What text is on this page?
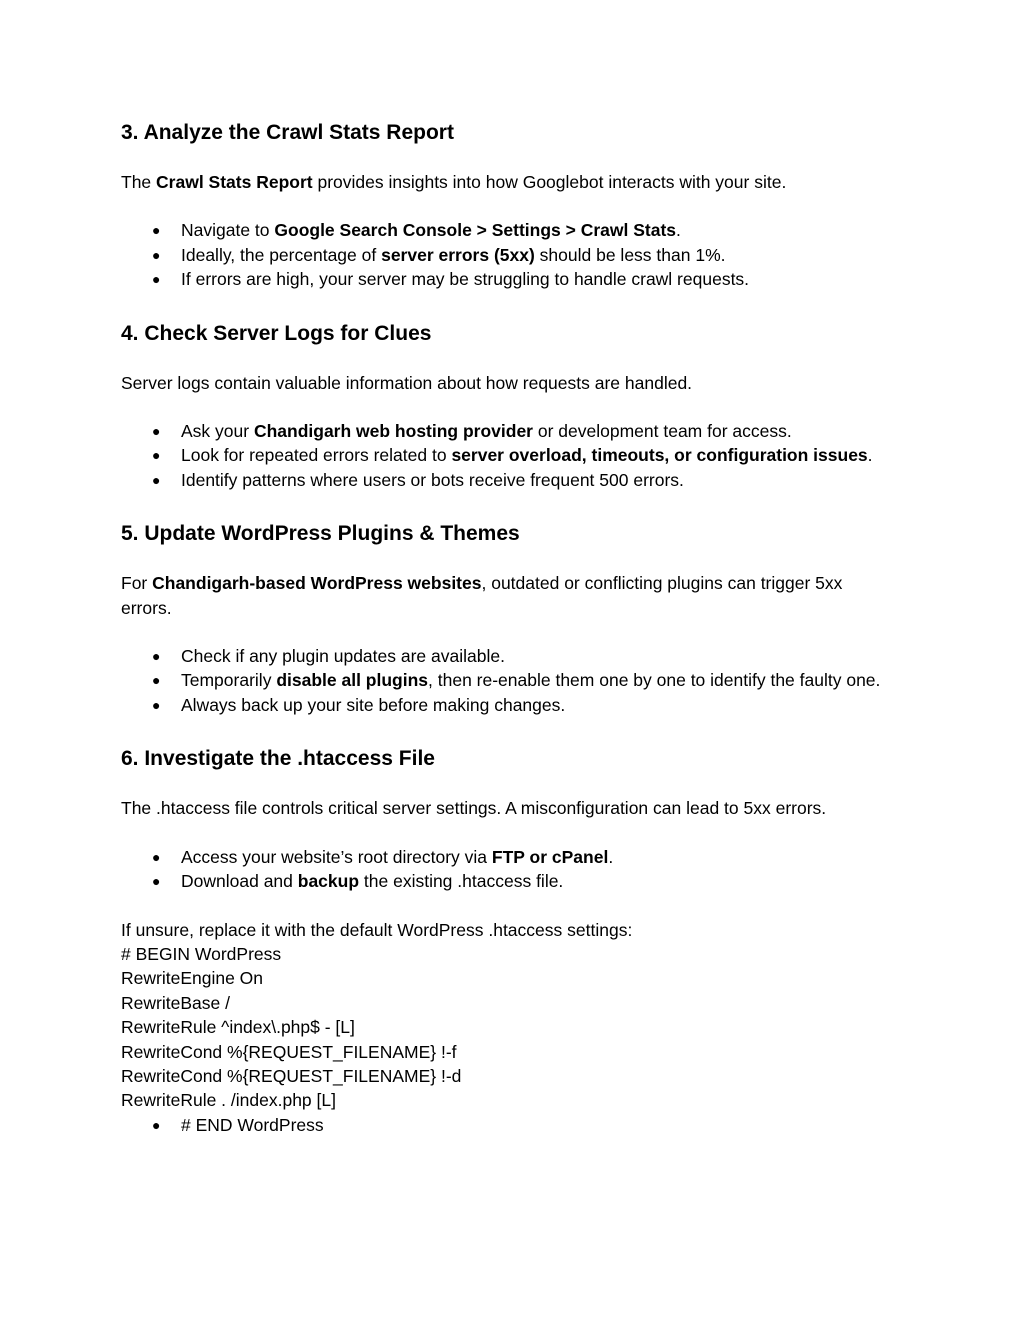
3. Analyze the Crawl Stats Report

The Crawl Stats Report provides insights into how Googlebot interacts with your site.

● Navigate to Google Search Console > Settings > Crawl Stats.
● Ideally, the percentage of server errors (5xx) should be less than 1%.
● If errors are high, your server may be struggling to handle crawl requests.
4. Check Server Logs for Clues

Server logs contain valuable information about how requests are handled.

● Ask your Chandigarh web hosting provider or development team for access.
● Look for repeated errors related to server overload, timeouts, or configuration issues.
● Identify patterns where users or bots receive frequent 500 errors.
5. Update WordPress Plugins & Themes

For Chandigarh-based WordPress websites, outdated or conflicting plugins can trigger 5xx errors.

● Check if any plugin updates are available.
● Temporarily disable all plugins, then re-enable them one by one to identify the faulty one.
● Always back up your site before making changes.
6. Investigate the .htaccess File

The .htaccess file controls critical server settings. A misconfiguration can lead to 5xx errors.

● Access your website’s root directory via FTP or cPanel.
● Download and backup the existing .htaccess file.
If unsure, replace it with the default WordPress .htaccess settings:
# BEGIN WordPress
RewriteEngine On
RewriteBase /
RewriteRule ^index\.php$ - [L]
RewriteCond %{REQUEST_FILENAME} !-f
RewriteCond %{REQUEST_FILENAME} !-d
RewriteRule . /index.php [L]
● # END WordPress
